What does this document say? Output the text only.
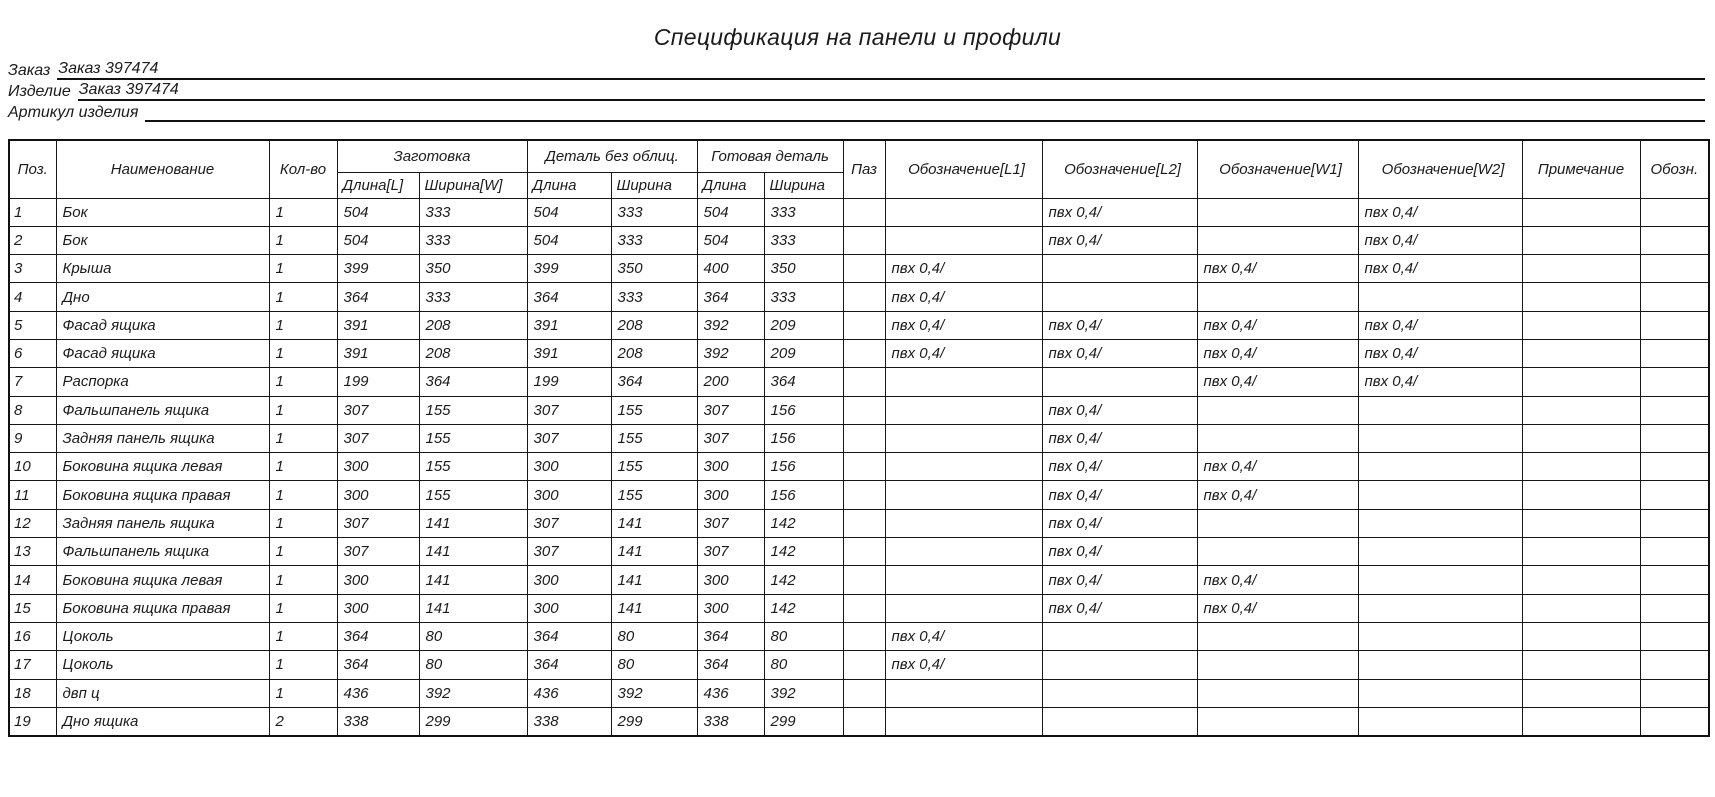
Спецификация на панели и профили
Заказ Заказ 397474
Изделие Заказ 397474
Артикул изделия
Поз.	Наименование	Кол-во	Заготовка		Деталь без облиц.		Готовая деталь		Паз	Обозначение[L1]	Обозначение[L2]	Обозначение[W1]	Обозначение[W2]	Примечание	Обозн.
			Длина[L]	Ширина[W]	Длина	Ширина	Длина	Ширина							
1	Бок	1	504	333	504	333	504	333			пвх 0,4/		пвх 0,4/		
2	Бок	1	504	333	504	333	504	333			пвх 0,4/		пвх 0,4/		
3	Крыша	1	399	350	399	350	400	350		пвх 0,4/		пвх 0,4/	пвх 0,4/		
4	Дно	1	364	333	364	333	364	333		пвх 0,4/					
5	Фасад ящика	1	391	208	391	208	392	209		пвх 0,4/	пвх 0,4/	пвх 0,4/	пвх 0,4/		
6	Фасад ящика	1	391	208	391	208	392	209		пвх 0,4/	пвх 0,4/	пвх 0,4/	пвх 0,4/		
7	Распорка	1	199	364	199	364	200	364				пвх 0,4/	пвх 0,4/		
8	Фальшпанель ящика	1	307	155	307	155	307	156			пвх 0,4/				
9	Задняя панель ящика	1	307	155	307	155	307	156			пвх 0,4/				
10	Боковина ящика левая	1	300	155	300	155	300	156			пвх 0,4/	пвх 0,4/			
11	Боковина ящика правая	1	300	155	300	155	300	156			пвх 0,4/	пвх 0,4/			
12	Задняя панель ящика	1	307	141	307	141	307	142			пвх 0,4/				
13	Фальшпанель ящика	1	307	141	307	141	307	142			пвх 0,4/				
14	Боковина ящика левая	1	300	141	300	141	300	142			пвх 0,4/	пвх 0,4/			
15	Боковина ящика правая	1	300	141	300	141	300	142			пвх 0,4/	пвх 0,4/			
16	Цоколь	1	364	80	364	80	364	80		пвх 0,4/					
17	Цоколь	1	364	80	364	80	364	80		пвх 0,4/					
18	двп ц	1	436	392	436	392	436	392							
19	Дно ящика	2	338	299	338	299	338	299							
